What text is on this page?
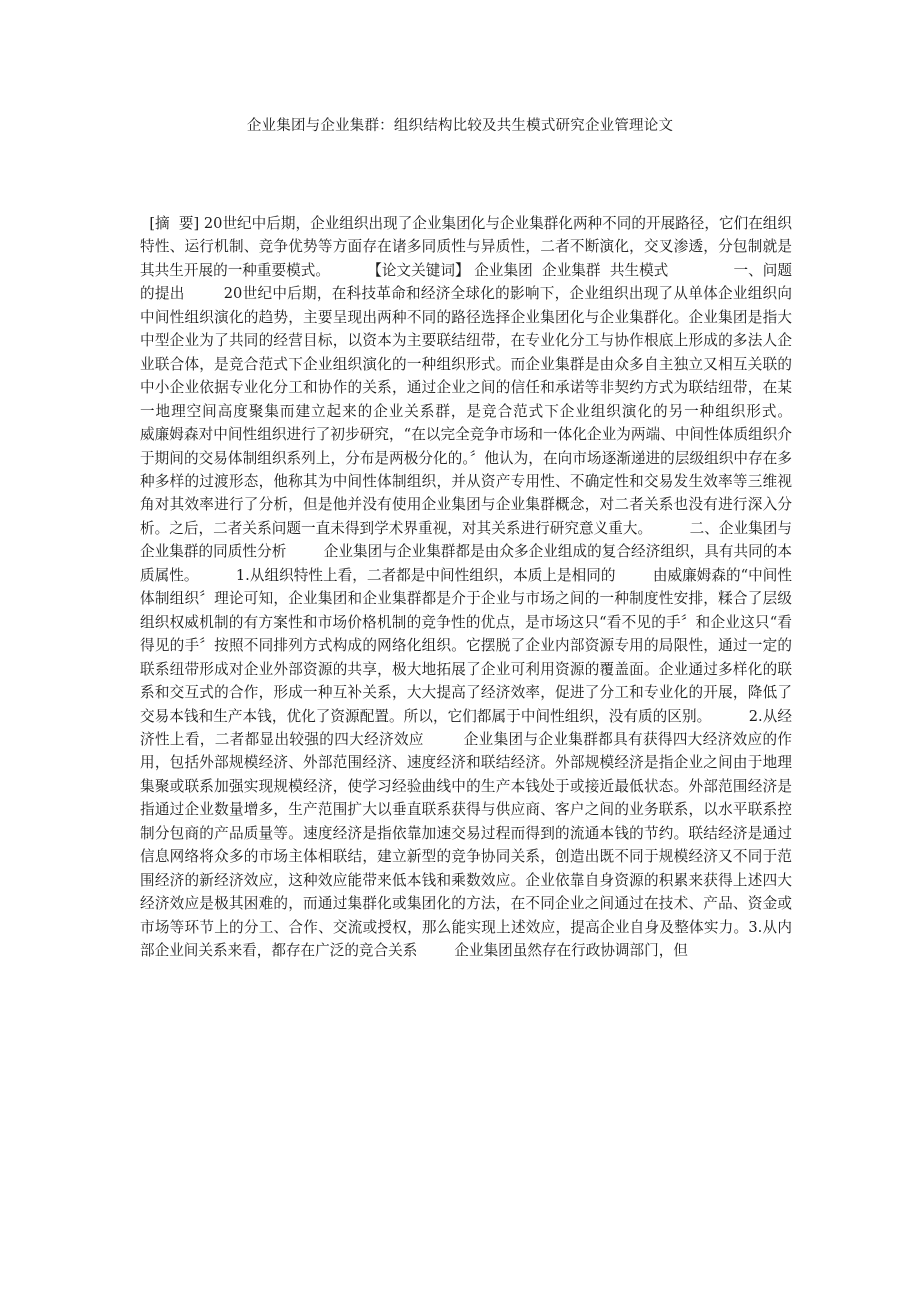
企业集团与企业集群：组织结构比较及共生模式研究企业管理论文

[摘  要] 20世纪中后期，企业组织出现了企业集团化与企业集群化两种不同的开展路径，它们在组织特性、运行机制、竞争优势等方面存在诸多同质性与异质性，二者不断演化，交叉渗透，分包制就是其共生开展的一种重要模式。        【论文关键词】 企业集团  企业集群  共生模式              一、问题的提出        20世纪中后期，在科技革命和经济全球化的影响下，企业组织出现了从单体企业组织向中间性组织演化的趋势，主要呈现出两种不同的路径选择企业集团化与企业集群化。企业集团是指大中型企业为了共同的经营目标，以资本为主要联结纽带，在专业化分工与协作根底上形成的多法人企业联合体，是竞合范式下企业组织演化的一种组织形式。而企业集群是由众多自主独立又相互关联的中小企业依据专业化分工和协作的关系，通过企业之间的信任和承诺等非契约方式为联结纽带，在某一地理空间高度聚集而建立起来的企业关系群，是竞合范式下企业组织演化的另一种组织形式。        威廉姆森对中间性组织进行了初步研究，“在以完全竞争市场和一体化企业为两端、中间性体质组织介于期间的交易体制组织系列上，分布是两极分化的。〞他认为，在向市场逐渐递进的层级组织中存在多种多样的过渡形态，他称其为中间性体制组织，并从资产专用性、不确定性和交易发生效率等三维视角对其效率进行了分析，但是他并没有使用企业集团与企业集群概念，对二者关系也没有进行深入分析。之后，二者关系问题一直未得到学术界重视，对其关系进行研究意义重大。        二、企业集团与企业集群的同质性分析        企业集团与企业集群都是由众多企业组成的复合经济组织，具有共同的本质属性。        1.从组织特性上看，二者都是中间性组织，本质上是相同的        由威廉姆森的“中间性体制组织〞理论可知，企业集团和企业集群都是介于企业与市场之间的一种制度性安排，糅合了层级组织权威机制的有方案性和市场价格机制的竞争性的优点，是市场这只“看不见的手〞和企业这只“看得见的手〞按照不同排列方式构成的网络化组织。它摆脱了企业内部资源专用的局限性，通过一定的联系纽带形成对企业外部资源的共享，极大地拓展了企业可利用资源的覆盖面。企业通过多样化的联系和交互式的合作，形成一种互补关系，大大提高了经济效率，促进了分工和专业化的开展，降低了交易本钱和生产本钱，优化了资源配置。所以，它们都属于中间性组织，没有质的区别。        2.从经济性上看，二者都显出较强的四大经济效应        企业集团与企业集群都具有获得四大经济效应的作用，包括外部规模经济、外部范围经济、速度经济和联结经济。外部规模经济是指企业之间由于地理集聚或联系加强实现规模经济，使学习经验曲线中的生产本钱处于或接近最低状态。外部范围经济是指通过企业数量增多，生产范围扩大以垂直联系获得与供应商、客户之间的业务联系，以水平联系控制分包商的产品质量等。速度经济是指依靠加速交易过程而得到的流通本钱的节约。联结经济是通过信息网络将众多的市场主体相联结，建立新型的竞争协同关系，创造出既不同于规模经济又不同于范围经济的新经济效应，这种效应能带来低本钱和乘数效应。企业依靠自身资源的积累来获得上述四大经济效应是极其困难的，而通过集群化或集团化的方法，在不同企业之间通过在技术、产品、资金或市场等环节上的分工、合作、交流或授权，那么能实现上述效应，提高企业自身及整体实力。3.从内部企业间关系来看，都存在广泛的竞合关系        企业集团虽然存在行政协调部门，但
